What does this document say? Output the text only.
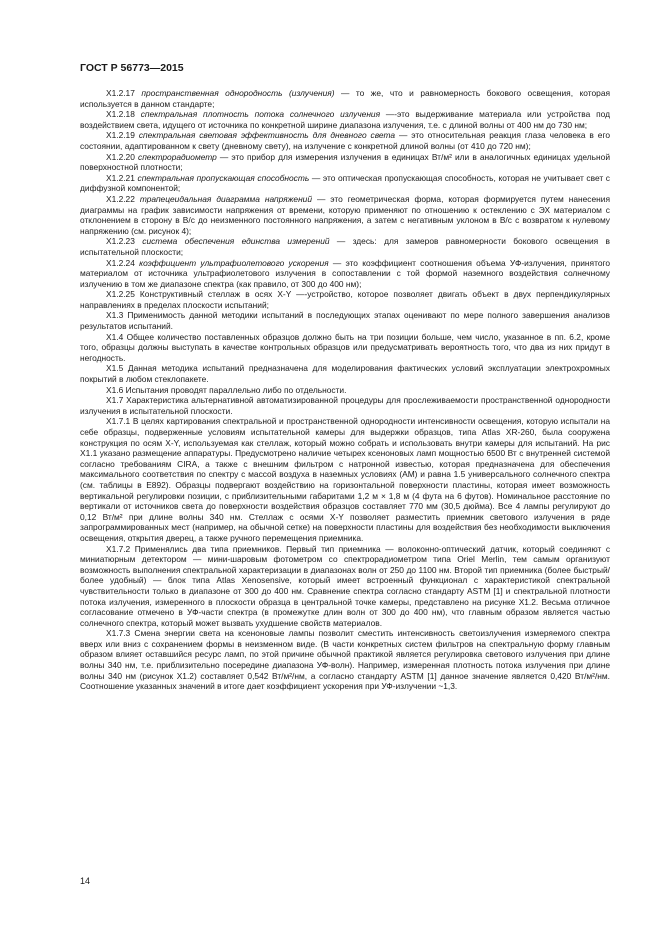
ГОСТ Р 56773—2015

X1.2.17 пространственная однородность (излучения) — то же, что и равномерность бокового освещения, которая используется в данном стандарте;

X1.2.18 спектральная плотность потока солнечного излучения —-это выдерживание материала или устройства под воздействием света, идущего от источника по конкретной ширине диапазона излучения, т.е. с длиной волны от 400 нм до 730 нм;

X1.2.19 спектральная световая эффективность для дневного света — это относительная реакция глаза человека в его состоянии, адаптированном к свету (дневному свету), на излучение с конкретной длиной волны (от 410 до 720 нм);

X1.2.20 спектрорадиометр — это прибор для измерения излучения в единицах Вт/м² или в аналогичных единицах удельной поверхностной плотности;

X1.2.21 спектральная пропускающая способность — это оптическая пропускающая способность, которая не учитывает свет с диффузной компонентой;

X1.2.22 трапецеидальная диаграмма напряжений — это геометрическая форма, которая формируется путем нанесения диаграммы на график зависимости напряжения от времени, которую применяют по отношению к остеклению с ЭХ материалом с отклонением в сторону в В/с до неизменного постоянного напряжения, а затем с негативным уклоном в В/с с возвратом к нулевому напряжению (см. рисунок 4);

X1.2.23 система обеспечения единства измерений — здесь: для замеров равномерности бокового освещения в испытательной плоскости;

X1.2.24 коэффициент ультрафиолетового ускорения — это коэффициент соотношения объема УФ-излучения, принятого материалом от источника ультрафиолетового излучения в сопоставлении с той формой наземного воздействия солнечному излучению в том же диапазоне спектра (как правило, от 300 до 400 нм);

X1.2.25 Конструктивный стеллаж в осях X-Y —-устройство, которое позволяет двигать объект в двух перпендикулярных направлениях в пределах плоскости испытаний;

X1.3 Применимость данной методики испытаний в последующих этапах оценивают по мере полного завершения анализов результатов испытаний.

X1.4 Общее количество поставленных образцов должно быть на три позиции больше, чем число, указанное в пп. 6.2, кроме того, образцы должны выступать в качестве контрольных образцов или предусматривать вероятность того, что два из них придут в негодность.

X1.5 Данная методика испытаний предназначена для моделирования фактических условий эксплуатации электрохромных покрытий в любом стеклопакете.

X1.6 Испытания проводят параллельно либо по отдельности.

X1.7 Характеристика альтернативной автоматизированной процедуры для прослеживаемости пространственной однородности излучения в испытательной плоскости.

X1.7.1 В целях картирования спектральной и пространственной однородности интенсивности освещения, которую испытали на себе образцы, подверженные условиям испытательной камеры для выдержки образцов, типа Atlas XR-260, была сооружена конструкция по осям X-Y, используемая как стеллаж, который можно собрать и использовать внутри камеры для испытаний. На рис X1.1 указано размещение аппаратуры. Предусмотрено наличие четырех ксеноновых ламп мощностью 6500 Вт с внутренней системой согласно требованиям CIRA, а также с внешним фильтром с натронной известью, которая предназначена для обеспечения максимального соответствия по спектру с массой воздуха в наземных условиях (AM) и равна 1.5 универсального солнечного спектра (см. таблицы в E892). Образцы подвергают воздействию на горизонтальной поверхности пластины, которая имеет возможность вертикальной регулировки позиции, с приблизительными габаритами 1,2 м × 1,8 м (4 фута на 6 футов). Номинальное расстояние по вертикали от источников света до поверхности воздействия образцов составляет 770 мм (30,5 дюйма). Все 4 лампы регулируют до 0,12 Вт/м² при длине волны 340 нм. Стеллаж с осями X-Y позволяет разместить приемник светового излучения в ряде запрограммированных мест (например, на обычной сетке) на поверхности пластины для воздействия без необходимости выключения освещения, открытия дверец, а также ручного перемещения приемника.

X1.7.2 Применялись два типа приемников. Первый тип приемника — волоконно-оптический датчик, который соединяют с миниатюрным детектором — мини-шаровым фотометром со спектрорадиометром типа Oriel Merlin, тем самым организуют возможность выполнения спектральной характеризации в диапазонах волн от 250 до 1100 нм. Второй тип приемника (более быстрый/более удобный) — блок типа Atlas Xenosensive, который имеет встроенный функционал с характеристикой спектральной чувствительности только в диапазоне от 300 до 400 нм. Сравнение спектра согласно стандарту ASTM [1] и спектральной плотности потока излучения, измеренного в плоскости образца в центральной точке камеры, представлено на рисунке X1.2. Весьма отличное согласование отмечено в УФ-части спектра (в промежутке длин волн от 300 до 400 нм), что главным образом является частью солнечного спектра, который может вызвать ухудшение свойств материалов.

X1.7.3 Смена энергии света на ксеноновые лампы позволит сместить интенсивность светоизлучения измеряемого спектра вверх или вниз с сохранением формы в неизменном виде. (В части конкретных систем фильтров на спектральную форму главным образом влияет оставшийся ресурс ламп, по этой причине обычной практикой является регулировка светового излучения при длине волны 340 нм, т.е. приблизительно посередине диапазона УФ-волн). Например, измеренная плотность потока излучения при длине волны 340 нм (рисунок X1.2) составляет 0,542 Вт/м²/нм, а согласно стандарту ASTM [1] данное значение является 0,420 Вт/м²/нм. Соотношение указанных значений в итоге дает коэффициент ускорения при УФ-излучении ~1,3.

14
